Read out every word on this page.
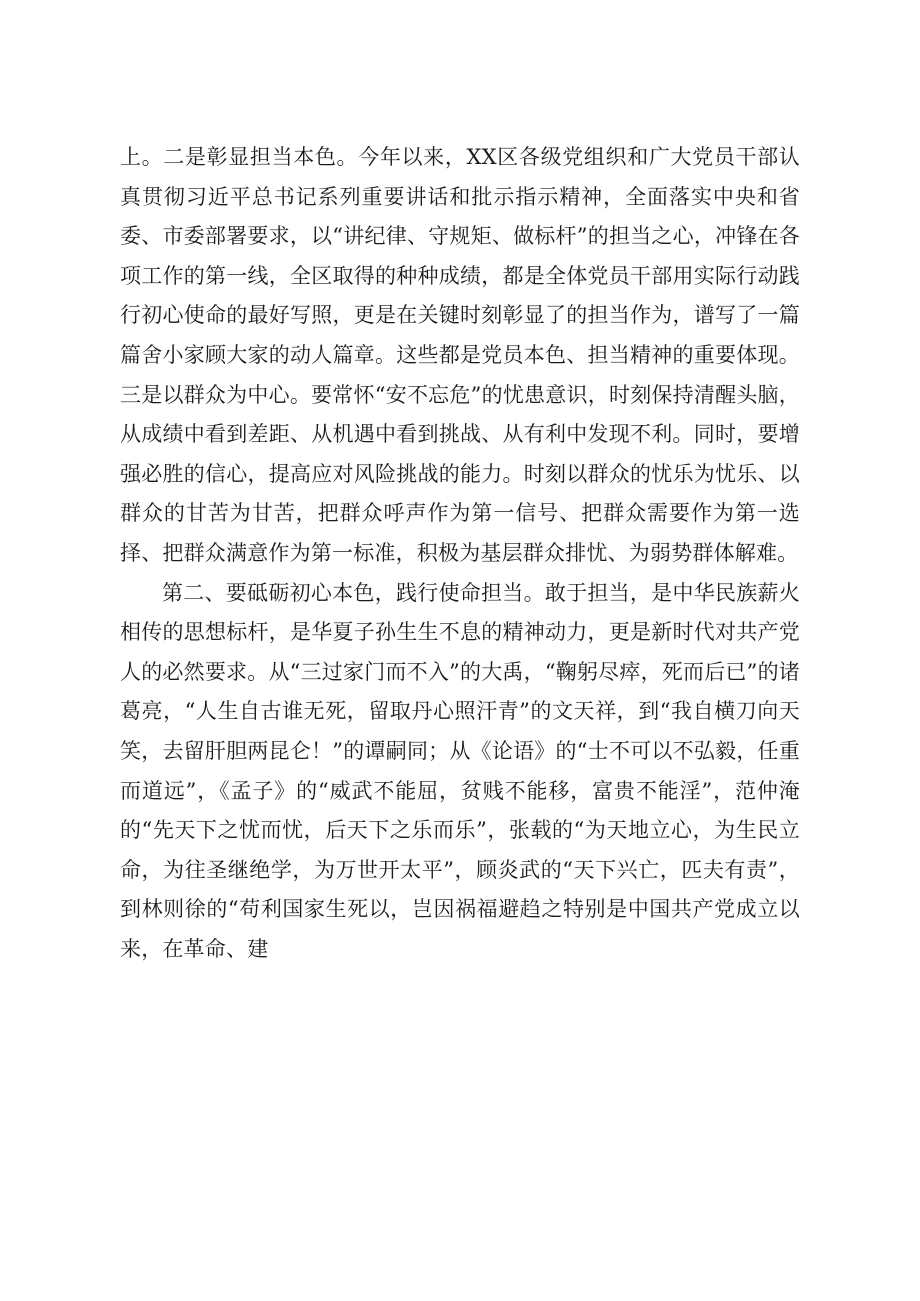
上。二是彰显担当本色。今年以来，XX区各级党组织和广大党员干部认真贯彻习近平总书记系列重要讲话和批示指示精神，全面落实中央和省委、市委部署要求，以“讲纪律、守规矩、做标杆”的担当之心，冲锋在各项工作的第一线，全区取得的种种成绩，都是全体党员干部用实际行动践行初心使命的最好写照，更是在关键时刻彰显了的担当作为，谱写了一篇篇舍小家顾大家的动人篇章。这些都是党员本色、担当精神的重要体现。三是以群众为中心。要常怀“安不忘危”的忧患意识，时刻保持清醒头脑，从成绩中看到差距、从机遇中看到挑战、从有利中发现不利。同时，要增强必胜的信心，提高应对风险挑战的能力。时刻以群众的忧乐为忧乐、以群众的甘苦为甘苦，把群众呼声作为第一信号、把群众需要作为第一选择、把群众满意作为第一标准，积极为基层群众排忧、为弱势群体解难。

第二、要砥砺初心本色，践行使命担当。敢于担当，是中华民族薪火相传的思想标杆，是华夏子孙生生不息的精神动力，更是新时代对共产党人的必然要求。从“三过家门而不入”的大禹，“鞠躬尽瘁，死而后已”的诸葛亮，“人生自古谁无死，留取丹心照汗青”的文天祥，到“我自横刀向天笑，去留肝胆两昆仑！”的谭嗣同；从《论语》的“士不可以不弘毅，任重而道远”，《孟子》的“威武不能屈，贫贱不能移，富贵不能淫”，范仲淹的“先天下之忧而忧，后天下之乐而乐”，张载的“为天地立心，为生民立命，为往圣继绝学，为万世开太平”，顾炎武的“天下兴亡，匹夫有责”，到林则徐的“苟利国家生死以，岂因祸福避趋之特别是中国共产党成立以来，在革命、建
